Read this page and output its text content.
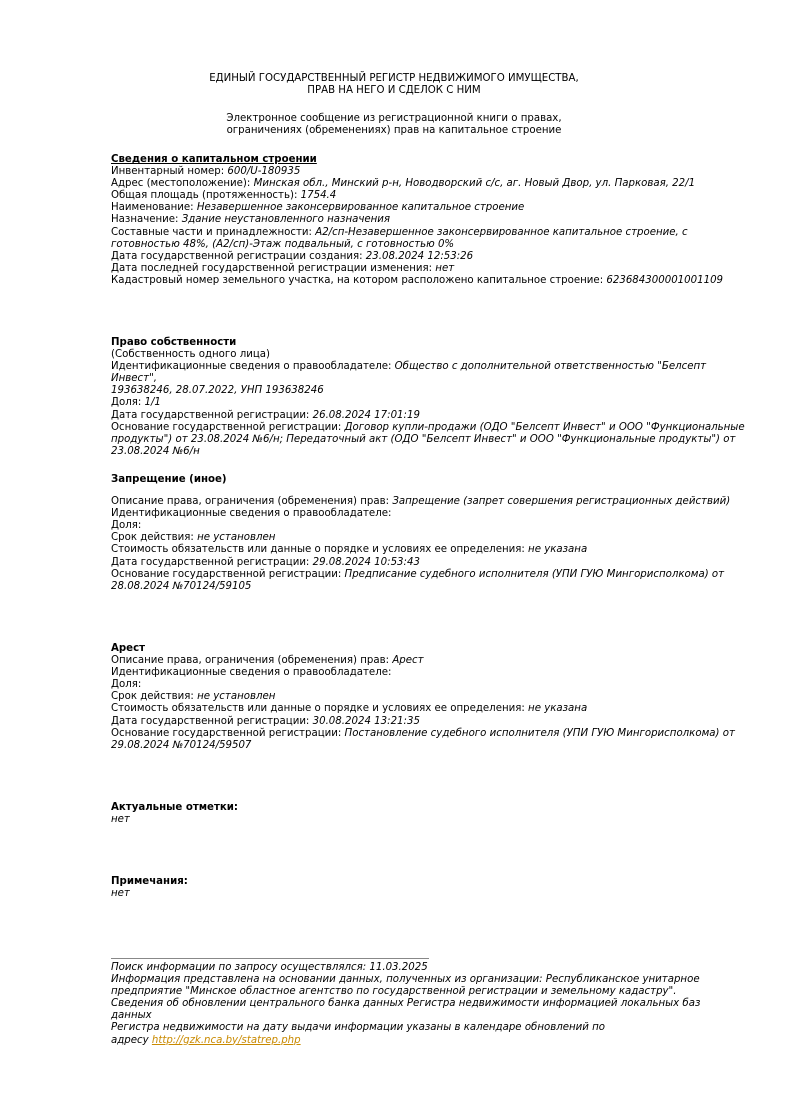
ЕДИНЫЙ ГОСУДАРСТВЕННЫЙ РЕГИСТР НЕДВИЖИМОГО ИМУЩЕСТВА,
ПРАВ НА НЕГО И СДЕЛОК С НИМ
Электронное сообщение из регистрационной книги о правах,
ограничениях (обременениях) прав на капитальное строение
Сведения о капитальном строении
Инвентарный номер: 600/U-180935
Адрес (местоположение): Минская обл., Минский р-н, Новодворский с/с, аг. Новый Двор, ул. Парковая, 22/1
Общая площадь (протяженность): 1754.4
Наименование: Незавершенное законсервированное капитальное строение
Назначение: Здание неустановленного назначения
Составные части и принадлежности: А2/сп-Незавершенное законсервированное капитальное строение, с
готовностью 48%, (А2/сп)-Этаж подвальный, с готовностью 0%
Дата государственной регистрации создания: 23.08.2024 12:53:26
Дата последней государственной регистрации изменения: нет
Кадастровый номер земельного участка, на котором расположено капитальное строение: 623684300001001109
Право собственности
(Собственность одного лица)
Идентификационные сведения о правообладателе: Общество с дополнительной ответственностью "Белсепт Инвест",
193638246, 28.07.2022, УНП 193638246
Доля: 1/1
Дата государственной регистрации: 26.08.2024 17:01:19
Основание государственной регистрации: Договор купли-продажи (ОДО "Белсепт Инвест" и ООО "Функциональные
продукты") от 23.08.2024 №6/н; Передаточный акт (ОДО "Белсепт Инвест" и ООО "Функциональные продукты") от
23.08.2024 №6/н
Запрещение (иное)
Описание права, ограничения (обременения) прав: Запрещение (запрет совершения регистрационных действий)
Идентификационные сведения о правообладателе:
Доля:
Срок действия: не установлен
Стоимость обязательств или данные о порядке и условиях ее определения: не указана
Дата государственной регистрации: 29.08.2024 10:53:43
Основание государственной регистрации: Предписание судебного исполнителя (УПИ ГУЮ Мингорисполкома) от
28.08.2024 №70124/59105
Арест
Описание права, ограничения (обременения) прав: Арест
Идентификационные сведения о правообладателе:
Доля:
Срок действия: не установлен
Стоимость обязательств или данные о порядке и условиях ее определения: не указана
Дата государственной регистрации: 30.08.2024 13:21:35
Основание государственной регистрации: Постановление судебного исполнителя (УПИ ГУЮ Мингорисполкома) от
29.08.2024 №70124/59507
Актуальные отметки:
нет
Примечания:
нет
Поиск информации по запросу осуществлялся: 11.03.2025
Информация представлена на основании данных, полученных из организации: Республиканское унитарное
предприятие "Минское областное агентство по государственной регистрации и земельному кадастру".
Сведения об обновлении центрального банка данных Регистра недвижимости информацией локальных баз данных
Регистра недвижимости на дату выдачи информации указаны в календаре обновлений по
адресу http://gzk.nca.by/statrep.php
